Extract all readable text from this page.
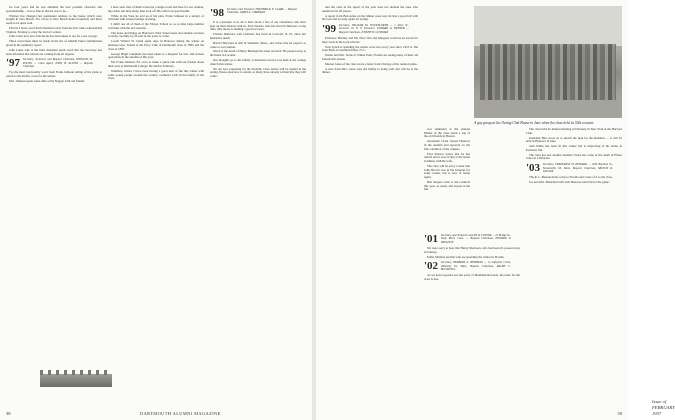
for four years and he was admitted the best possible character and sportsmanship – was so fine in that he was to be...

Wintner has changed her permanent address to the house which once bought in Vero Beach, Fla. Lives at Vero Beach Arms frequently and there seem to be quite well.

First in a horse word from Norman Lewis from the first rank at Alexandria Virginia. Earning to obey the doctor's orders.

John Caner now also tells me he has been taken to sea for a sea voyage.

Three corrections must be made in the list of Alumni Fund contributions given in the summary report.

John Caner who is the fund chairman sends word that the Secretary has been informed that returns are coming from all regions.

'97 Secretary, Treasurer and Bequest Chairman, WINSLOW M. YOUNG — Class Agent, JOHN H. ALLYNS — Bequest Chairman

I've the most trustworthy word from Frank Johnson telling of his plans to return to the Pacific coast for the winter.

Mrs. Johnson spent some time at the Nugget with old friends.

I have sent. One of them wrote his a single room and here for our reunion, the oldest one here many men took off. His wife is in good health.

While in the West he told us of his plan. Frank Johnson in a subject of criticism with strong feelings of rising.

I didn't see all of them at the Thayer School so as to miss large number activities with the old veterans.

The notes and things on Hanover's West Street buses and student overseas to study carefully by all sent in the years to come.

Coach Willard W. Gunn spent days in Hanover during the winter on business trips. Tennis at the Ferry Club of Dartmouth class of 1895 and the class of 1897.

George Hugh Campbell has been taken to a hospital for new and serious operations in the autumn of this year.

Mr. Frank Johnson, Ed, rows to make a quick talk with our friends about their sons at Dartmouth College. He died in February.

Winthrop writes: I have been having a good deal of fun this winter with some young people around the country. Gathered with all the family of the class.

'98 Secretary and Treasurer FREDERICK P. CLARK — Bequest Chairman, JAMES A. CHAPMAN

It is a pleasure to us all to hear about a few of our classmates who have kept up their interest with us. Fred Stearns, who has lived in Hanover a long time, tells me he is making a good recovery.

Charles Duncan's wife Charlotte has lived in Concord, N. H., since her husband's death.

Harold Hayward is still in Waltham, Mass., and writes that he expects to come to our reunion.

Word of the death of Harry Burleigh has been received. He passed away at his home in Laconia.

Our thoughts go to his family. A memorial service was held at the college church this winter.

We are now preparing for the Sixtieth. Class letters will be mailed in the spring. Please plan now to attend, as many have already written that they will come.

38	DARTMOUTH ALUMNI MAGAZINE

that the class in the report of the year does not include the ones who remain in far off places.

A report from Ben Ames on the Maine coast says he had a good fall with his boat and is ready again for spring.

'99 Secretary, WILLIAM M. WOODWORTH — 1 Allen St., Syracuse 10, N. Y. Treasurer, EDWARD A. BENNER — Bequest Chairman, JOSEPH W. GOSSMAN

Professor Bradley and Mr. Ned, Wix and Margaret received an award for their work in the local schools.

Tom Lynch is spending the winter as he has every year since 1953 at The Gate Pines in Southern Pines, N. C.

Walter and Mrs. Stone of Winter Park, Florida are seeing many of their old friends this season.

Merton Jones of the class wrote a letter from Chicago of his reunion plans.

A note from Mrs. Gates says the family is doing well and will be at the dinner.

was reminded at the Annual Dinner of the class about a trip of the old friends in Boston.

Alexander Clark visited Hanover in the autumn and reported on the fine condition of the campus.

Fred Stetson writes that he has retired and is now living at his home in Maine with his wife.

The class will be sorry to hear that John Brown was in the hospital for some weeks, but is now at home again.

Bert Rogers went to the Carnival this year, as usual, and stayed at the Inn.

'01 Secretary and Treasurer ALLEN B. FOSTER — 23 Bridge St., Deep River, Conn. — Bequest Chairman, EDWARD P. SHELDON

We were sorry to hear that Henry Morrison, who had been ill, passed away in January.

Eddie Sheldon and his wife are spending the winter in Florida.

'02 Secretary, HERBERT A. SHERMAN — 14 Lafayette Circle, Wellesley 81, Mass. Bequest Chairman, RALPH C. ROCKWELL

As we have reported our last party of Manheim Rewards, the letter for the class is due.

A gay group at the Outing Club House in June when the class held its 55th reunion.

The class held its Annual meeting in February in New York at the Harvard Club.

President Ben wrote us to sketch the plan for the Reunion — it will be held in Hanover in June.

Sam White has been ill this winter but is improving at his home in Portland, Me.

The class has lost another member. Word has come of the death of Elmer Jones in California.

'03 Secretary, FREDERICK H. HOWARD — 1180 Boylston St., Newtonville 60, Mass. Bequest Chairman, MILTON R. SANGER

The R. L. Benson made a trip to Florida and wrote of it to the class.

Joe and Mrs. Blanchard will visit Hanover next fall for the game.

Issue of FEBRUARY 1957
39
